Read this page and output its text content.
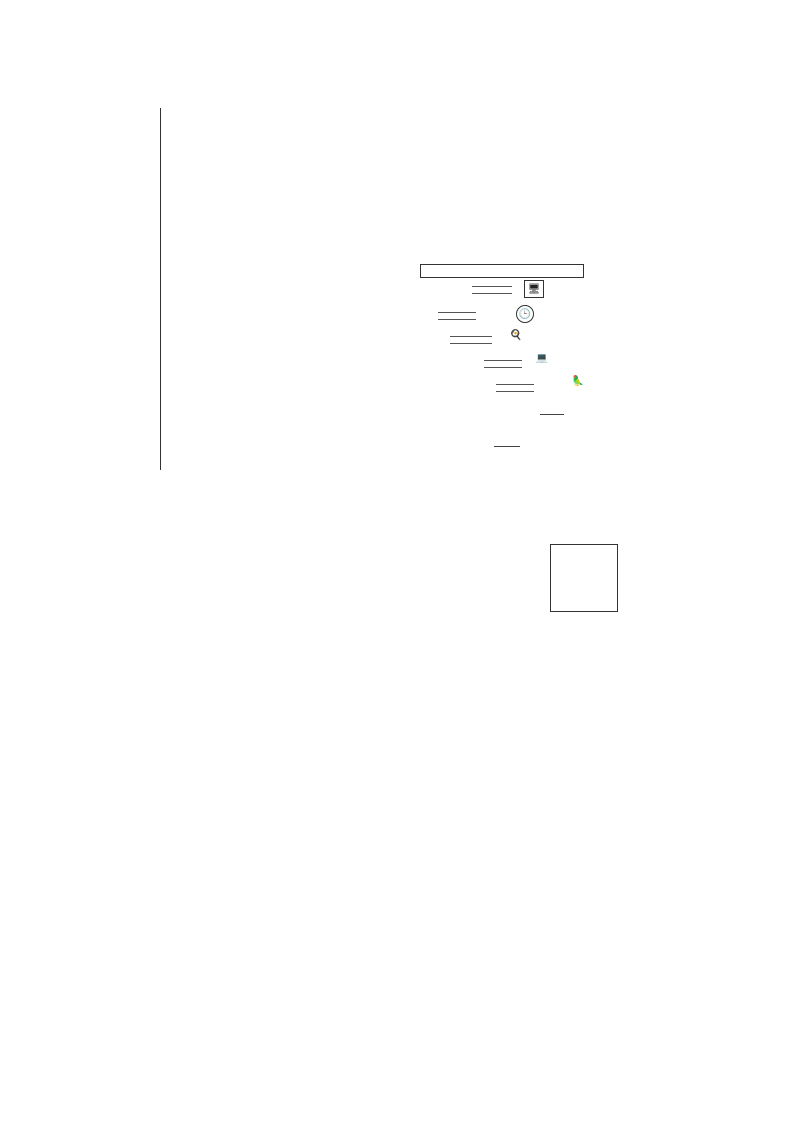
🖥
🕒
🍳
💻
🦜
